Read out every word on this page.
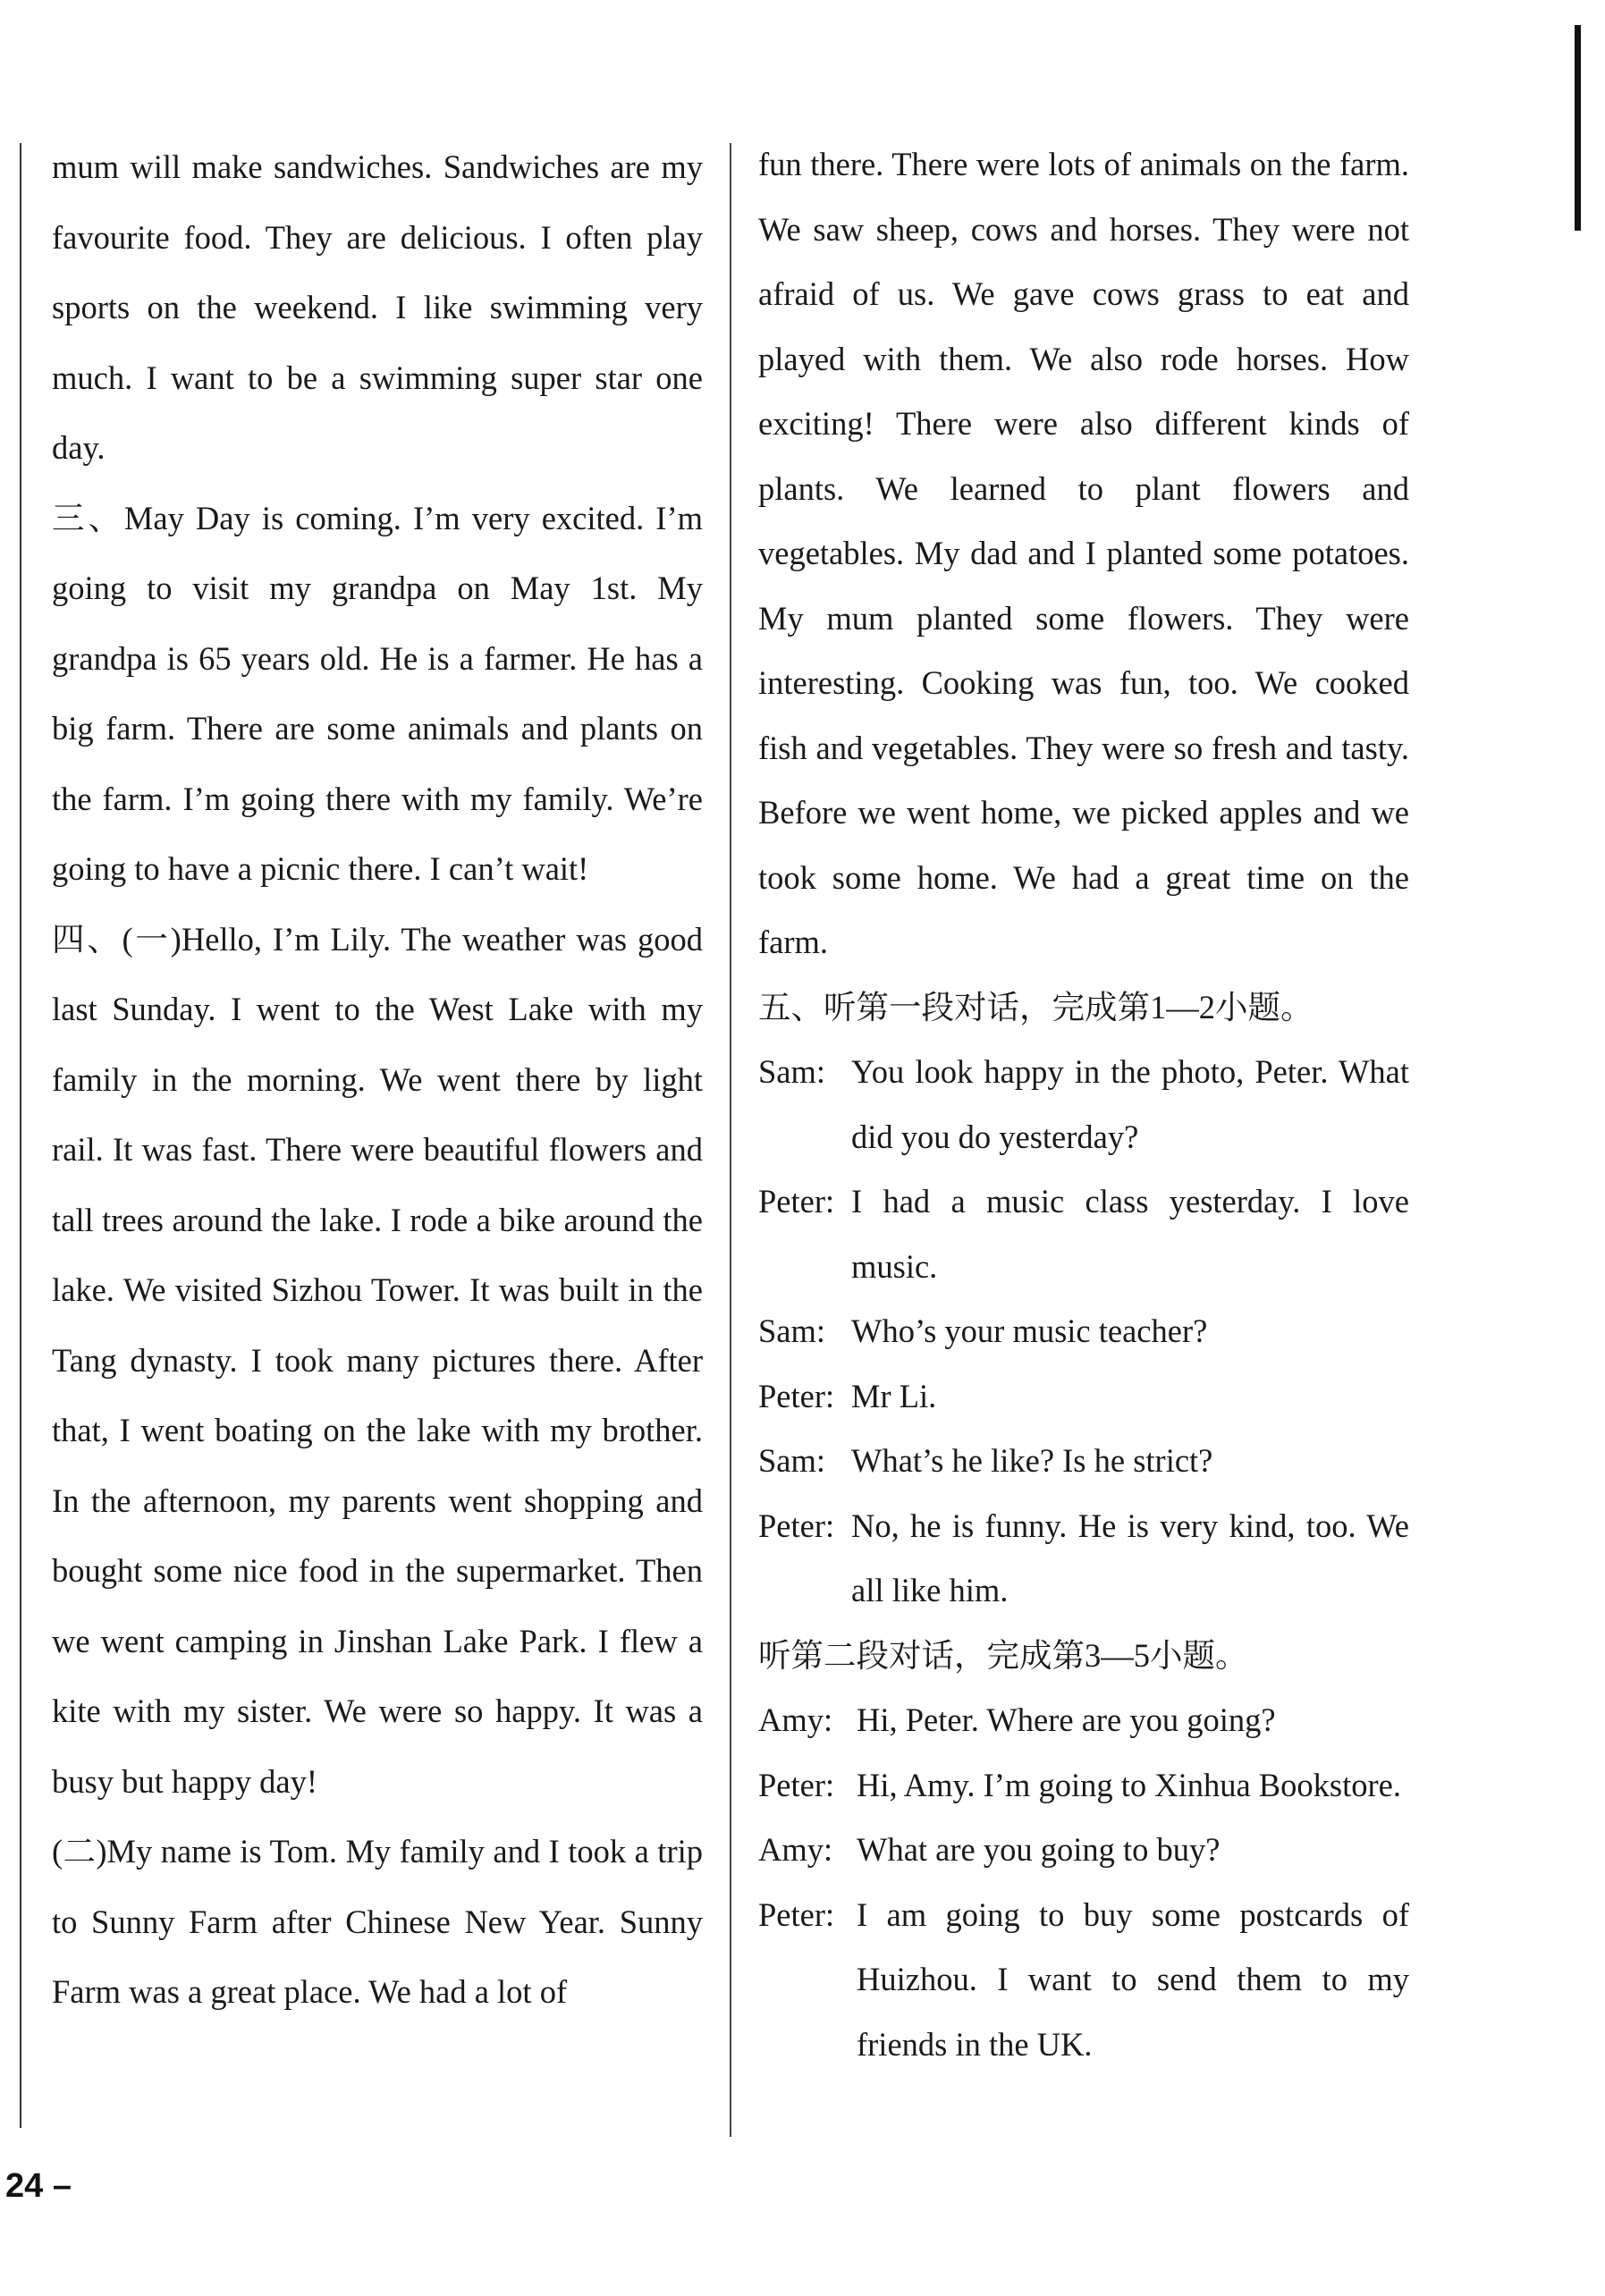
mum will make sandwiches. Sandwiches are my favourite food. They are delicious. I often play sports on the weekend. I like swimming very much. I want to be a swimming super star one day.

三、May Day is coming. I’m very excited. I’m going to visit my grandpa on May 1st. My grandpa is 65 years old. He is a farmer. He has a big farm. There are some animals and plants on the farm. I’m going there with my family. We’re going to have a picnic there. I can’t wait!

四、(一)Hello, I’m Lily. The weather was good last Sunday. I went to the West Lake with my family in the morning. We went there by light rail. It was fast. There were beautiful flowers and tall trees around the lake. I rode a bike around the lake. We visited Sizhou Tower. It was built in the Tang dynasty. I took many pictures there. After that, I went boating on the lake with my brother. In the afternoon, my parents went shopping and bought some nice food in the supermarket. Then we went camping in Jinshan Lake Park. I flew a kite with my sister. We were so happy. It was a busy but happy day!

(二)My name is Tom. My family and I took a trip to Sunny Farm after Chinese New Year. Sunny Farm was a great place. We had a lot of

fun there. There were lots of animals on the farm. We saw sheep, cows and horses. They were not afraid of us. We gave cows grass to eat and played with them. We also rode horses. How exciting! There were also different kinds of plants. We learned to plant flowers and vegetables. My dad and I planted some potatoes. My mum planted some flowers. They were interesting. Cooking was fun, too. We cooked fish and vegetables. They were so fresh and tasty. Before we went home, we picked apples and we took some home. We had a great time on the farm.

五、听第一段对话，完成第1—2小题。

Sam: You look happy in the photo, Peter. What did you do yesterday?
Peter: I had a music class yesterday. I love music.
Sam: Who’s your music teacher?
Peter: Mr Li.
Sam: What’s he like? Is he strict?
Peter: No, he is funny. He is very kind, too. We all like him.

听第二段对话，完成第3—5小题。

Amy: Hi, Peter. Where are you going?
Peter: Hi, Amy. I’m going to Xinhua Bookstore.
Amy: What are you going to buy?
Peter: I am going to buy some postcards of Huizhou. I want to send them to my friends in the UK.
24 –
